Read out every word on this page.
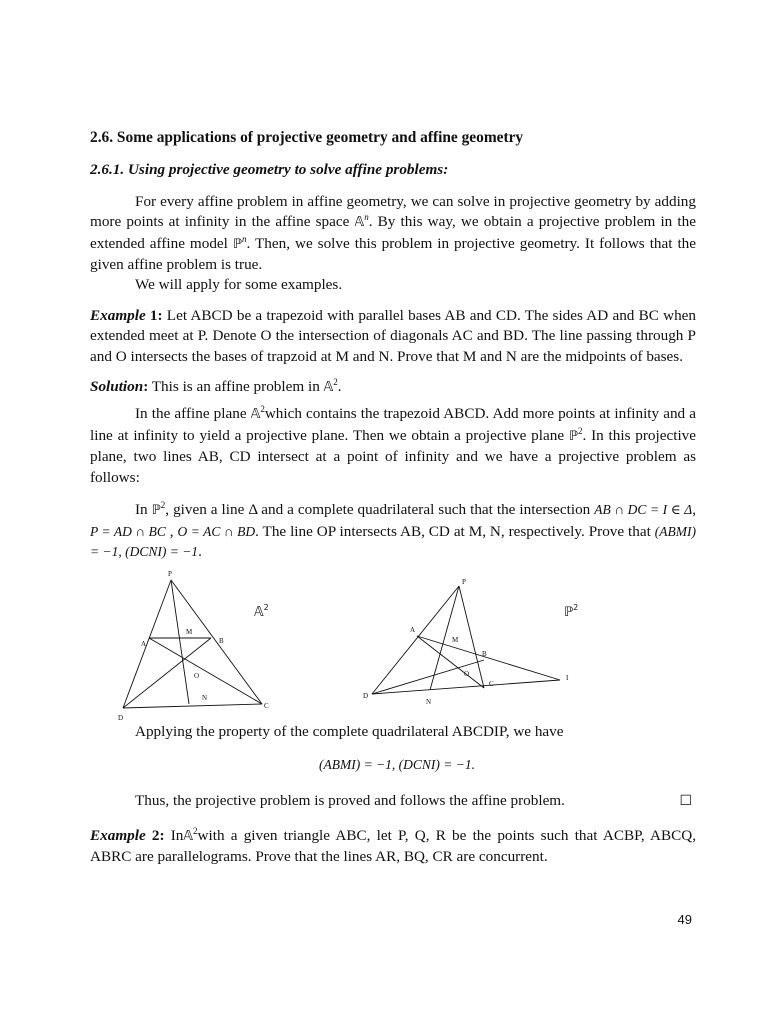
2.6. Some applications of projective geometry and affine geometry

2.6.1. Using projective geometry to solve affine problems:

For every affine problem in affine geometry, we can solve in projective geometry by adding more points at infinity in the affine space 𝔸$^n$. By this way, we obtain a projective problem in the extended affine model ℙ$^n$. Then, we solve this problem in projective geometry. It follows that the given affine problem is true.

We will apply for some examples.

Example 1: Let ABCD be a trapezoid with parallel bases AB and CD. The sides AD and BC when extended meet at P. Denote O the intersection of diagonals AC and BD. The line passing through P and O intersects the bases of trapzoid at M and N. Prove that M and N are the midpoints of bases.

Solution: This is an affine problem in 𝔸$^2$.

In the affine plane 𝔸$^2$which contains the trapezoid ABCD. Add more points at infinity and a line at infinity to yield a projective plane. Then we obtain a projective plane ℙ$^2$. In this projective plane, two lines AB, CD intersect at a point of infinity and we have a projective problem as follows:

In ℙ$^2$, given a line Δ and a complete quadrilateral such that the intersection AB ∩ DC = I ∈ Δ, P = AD ∩ BC , O = AC ∩ BD. The line OP intersects AB, CD at M, N, respectively. Prove that (ABMI) = −1, (DCNI) = −1.

P
A
M
B
O
D
N
C
𝔸$^2$
P
A
M
B
O
D
N
C
I
ℙ$^2$

Applying the property of the complete quadrilateral ABCDIP, we have

(ABMI) = −1, (DCNI) = −1.

Thus, the projective problem is proved and follows the affine problem.	☐

Example 2: In𝔸$^2$with a given triangle ABC, let P, Q, R be the points such that ACBP, ABCQ, ABRC are parallelograms. Prove that the lines AR, BQ, CR are concurrent.

49
